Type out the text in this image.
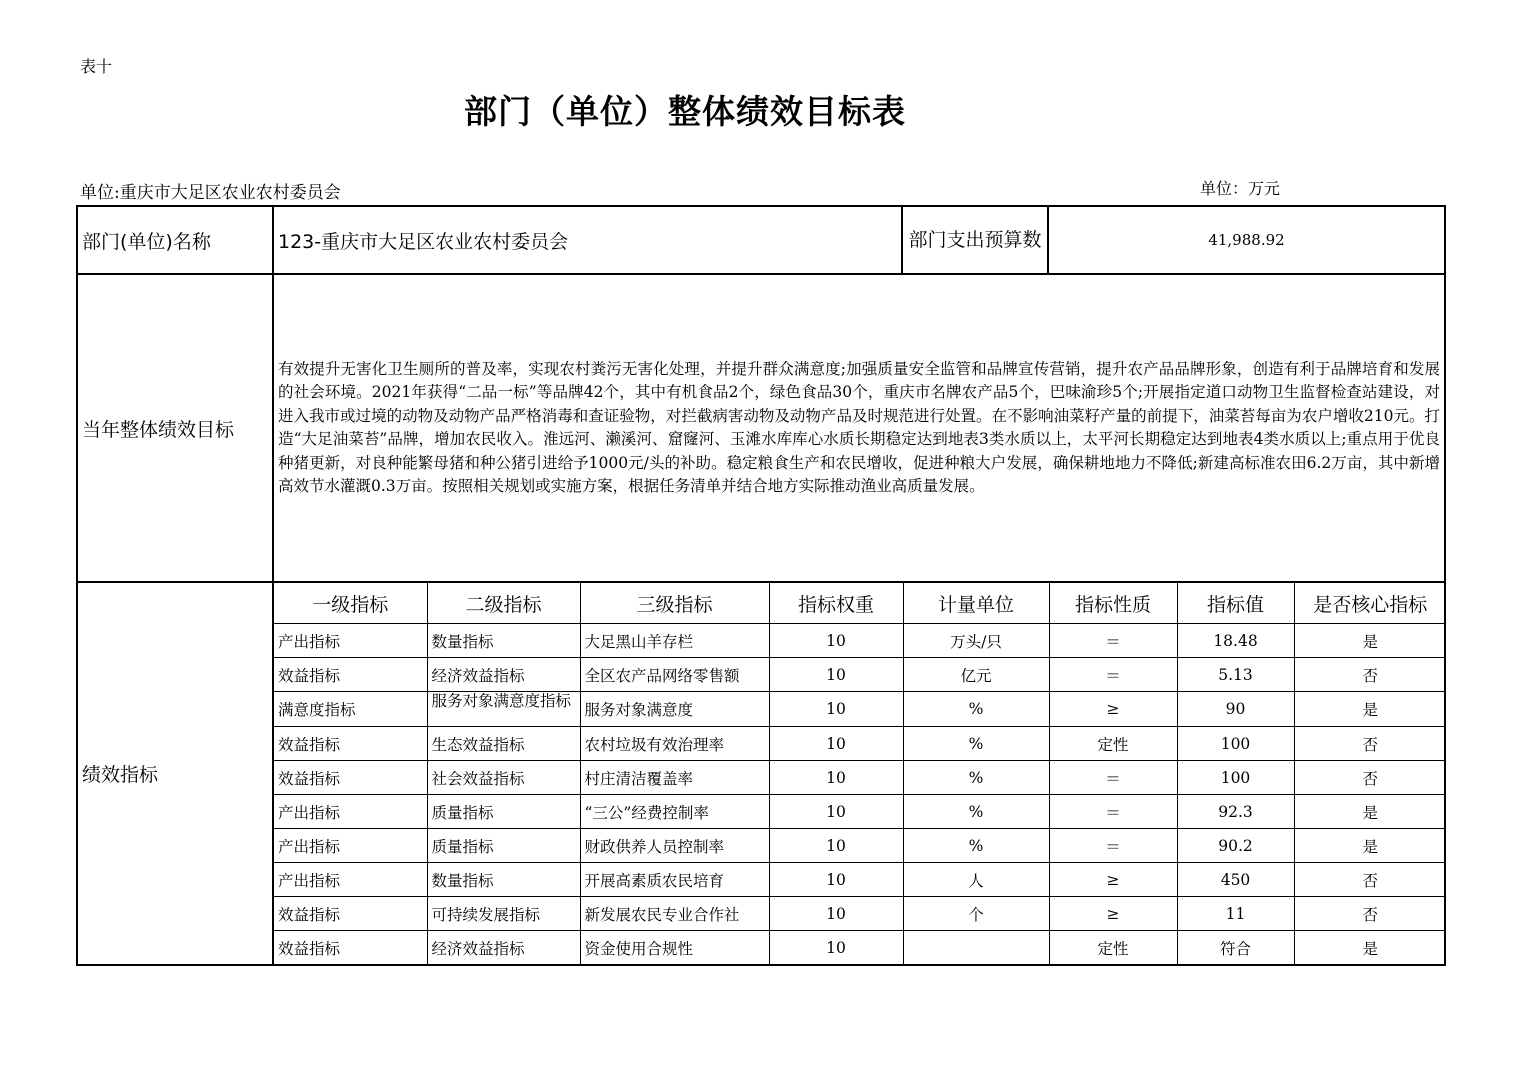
表十
部门（单位）整体绩效目标表
单位:重庆市大足区农业农村委员会	单位：万元
部门(单位)名称	123-重庆市大足区农业农村委员会	部门支出预算数	41,988.92
当年整体绩效目标	有效提升无害化卫生厕所的普及率，实现农村粪污无害化处理，并提升群众满意度;加强质量安全监管和品牌宣传营销，提升农产品品牌形象，创造有利于品牌培育和发展的社会环境。2021年获得“二品一标”等品牌42个，其中有机食品2个，绿色食品30个，重庆市名牌农产品5个，巴味渝珍5个;开展指定道口动物卫生监督检查站建设，对进入我市或过境的动物及动物产品严格消毒和查证验物，对拦截病害动物及动物产品及时规范进行处置。在不影响油菜籽产量的前提下，油菜苔每亩为农户增收210元。打造“大足油菜苔”品牌，增加农民收入。淮远河、濑溪河、窟窿河、玉滩水库库心水质长期稳定达到地表3类水质以上，太平河长期稳定达到地表4类水质以上;重点用于优良种猪更新，对良种能繁母猪和种公猪引进给予1000元/头的补助。稳定粮食生产和农民增收，促进种粮大户发展，确保耕地地力不降低;新建高标准农田6.2万亩，其中新增高效节水灌溉0.3万亩。按照相关规划或实施方案，根据任务清单并结合地方实际推动渔业高质量发展。
绩效指标	
一级指标	二级指标	三级指标	指标权重	计量单位	指标性质	指标值	是否核心指标
产出指标	数量指标	大足黑山羊存栏	10	万头/只	＝	18.48	是
效益指标	经济效益指标	全区农产品网络零售额	10	亿元	＝	5.13	否
满意度指标	服务对象满意度指标	服务对象满意度	10	%	≥	90	是
效益指标	生态效益指标	农村垃圾有效治理率	10	%	定性	100	否
效益指标	社会效益指标	村庄清洁覆盖率	10	%	＝	100	否
产出指标	质量指标	“三公”经费控制率	10	%	＝	92.3	是
产出指标	质量指标	财政供养人员控制率	10	%	＝	90.2	是
产出指标	数量指标	开展高素质农民培育	10	人	≥	450	否
效益指标	可持续发展指标	新发展农民专业合作社	10	个	≥	11	否
效益指标	经济效益指标	资金使用合规性	10		定性	符合	是
